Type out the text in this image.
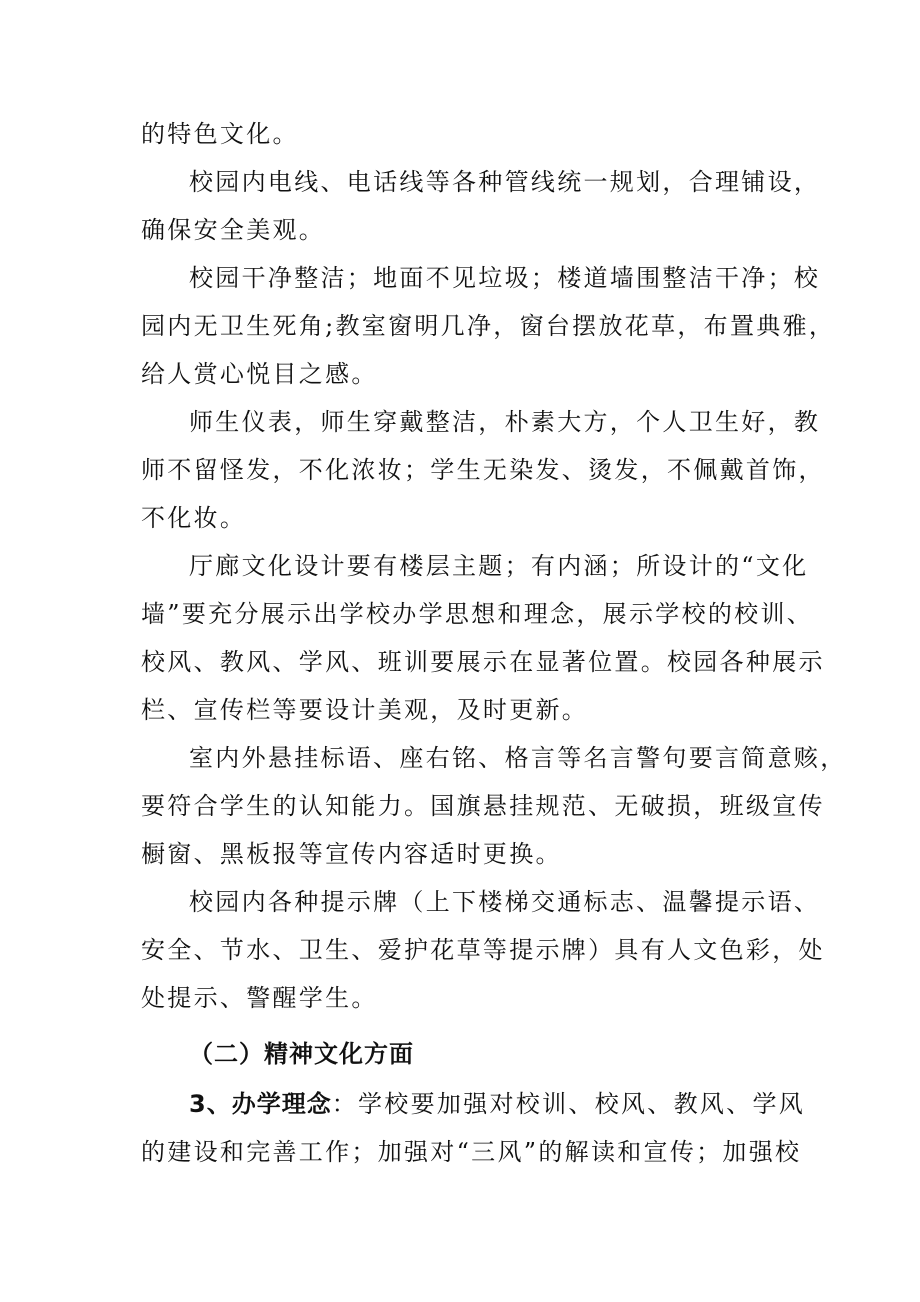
的特色文化。
校园内电线、电话线等各种管线统一规划，合理铺设，
确保安全美观。
校园干净整洁；地面不见垃圾；楼道墙围整洁干净；校
园内无卫生死角;教室窗明几净，窗台摆放花草，布置典雅，
给人赏心悦目之感。
师生仪表，师生穿戴整洁，朴素大方，个人卫生好，教
师不留怪发，不化浓妆；学生无染发、烫发，不佩戴首饰，
不化妆。
厅廊文化设计要有楼层主题；有内涵；所设计的“文化
墙”要充分展示出学校办学思想和理念，展示学校的校训、
校风、教风、学风、班训要展示在显著位置。校园各种展示
栏、宣传栏等要设计美观，及时更新。
室内外悬挂标语、座右铭、格言等名言警句要言简意赅，
要符合学生的认知能力。国旗悬挂规范、无破损，班级宣传
橱窗、黑板报等宣传内容适时更换。
校园内各种提示牌（上下楼梯交通标志、温馨提示语、
安全、节水、卫生、爱护花草等提示牌）具有人文色彩，处
处提示、警醒学生。
（二）精神文化方面
3、办学理念：学校要加强对校训、校风、教风、学风
的建设和完善工作；加强对“三风”的解读和宣传；加强校
